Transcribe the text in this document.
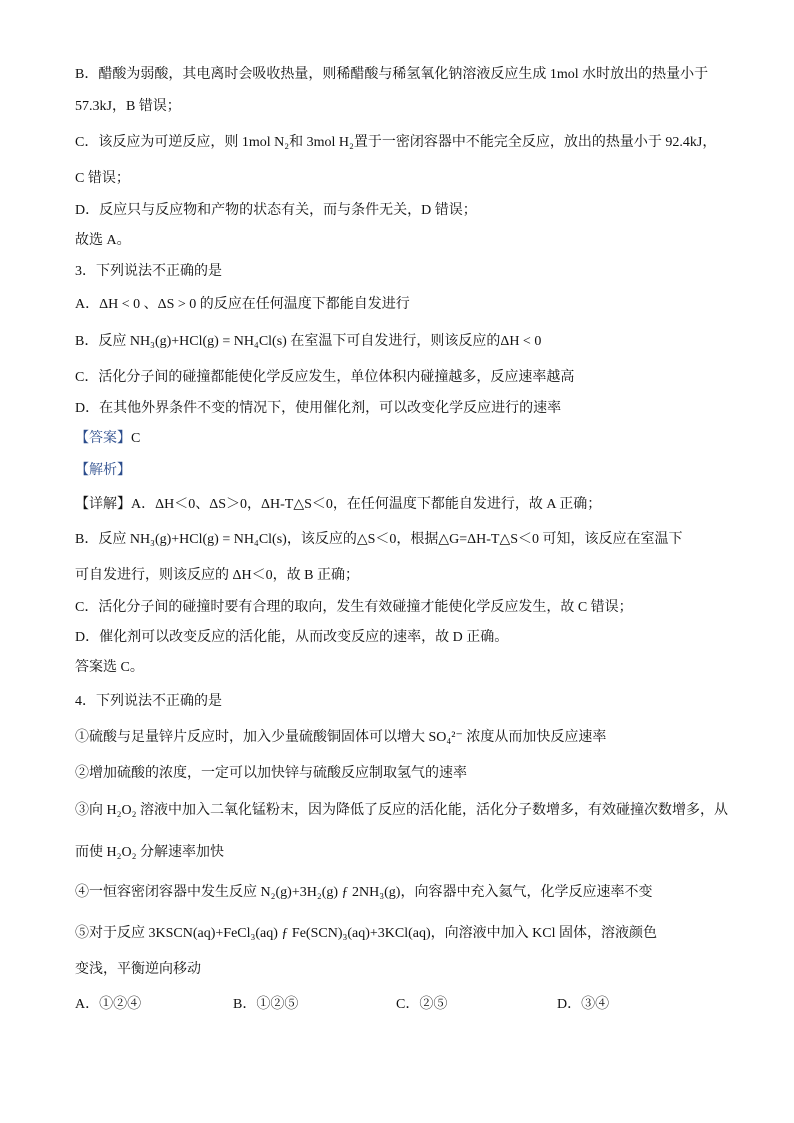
B．醋酸为弱酸，其电离时会吸收热量，则稀醋酸与稀氢氧化钠溶液反应生成 1mol 水时放出的热量小于
57.3kJ，B 错误；
C．该反应为可逆反应，则 1mol N₂和 3mol H₂置于一密闭容器中不能完全反应，放出的热量小于 92.4kJ，
C 错误；
D．反应只与反应物和产物的状态有关，而与条件无关，D 错误；
故选 A。
3．下列说法不正确的是
A．ΔH < 0 、ΔS > 0 的反应在任何温度下都能自发进行
B．反应 NH₃(g)+HCl(g) = NH₄Cl(s) 在室温下可自发进行，则该反应的ΔH < 0
C．活化分子间的碰撞都能使化学反应发生，单位体积内碰撞越多，反应速率越高
D．在其他外界条件不变的情况下，使用催化剂，可以改变化学反应进行的速率
【答案】C
【解析】
【详解】A．ΔH＜0、ΔS＞0，ΔH-T△S＜0，在任何温度下都能自发进行，故 A 正确；
B．反应 NH₃(g)+HCl(g) = NH₄Cl(s)，该反应的△S＜0，根据△G=ΔH-T△S＜0 可知，该反应在室温下
可自发进行，则该反应的 ΔH＜0，故 B 正确；
C．活化分子间的碰撞时要有合理的取向，发生有效碰撞才能使化学反应发生，故 C 错误；
D．催化剂可以改变反应的活化能，从而改变反应的速率，故 D 正确。
答案选 C。
4．下列说法不正确的是
①硫酸与足量锌片反应时，加入少量硫酸铜固体可以增大 SO₄²⁻ 浓度从而加快反应速率
②增加硫酸的浓度，一定可以加快锌与硫酸反应制取氢气的速率
③向 H₂O₂ 溶液中加入二氧化锰粉末，因为降低了反应的活化能，活化分子数增多，有效碰撞次数增多，从
而使 H₂O₂ 分解速率加快
④一恒容密闭容器中发生反应 N₂(g)+3H₂(g) ƒ 2NH₃(g)，向容器中充入氦气，化学反应速率不变
⑤对于反应 3KSCN(aq)+FeCl₃(aq) ƒ Fe(SCN)₃(aq)+3KCl(aq)，向溶液中加入 KCl 固体，溶液颜色
变浅，平衡逆向移动
A．①②④	B．①②⑤	C．②⑤	D．③④
